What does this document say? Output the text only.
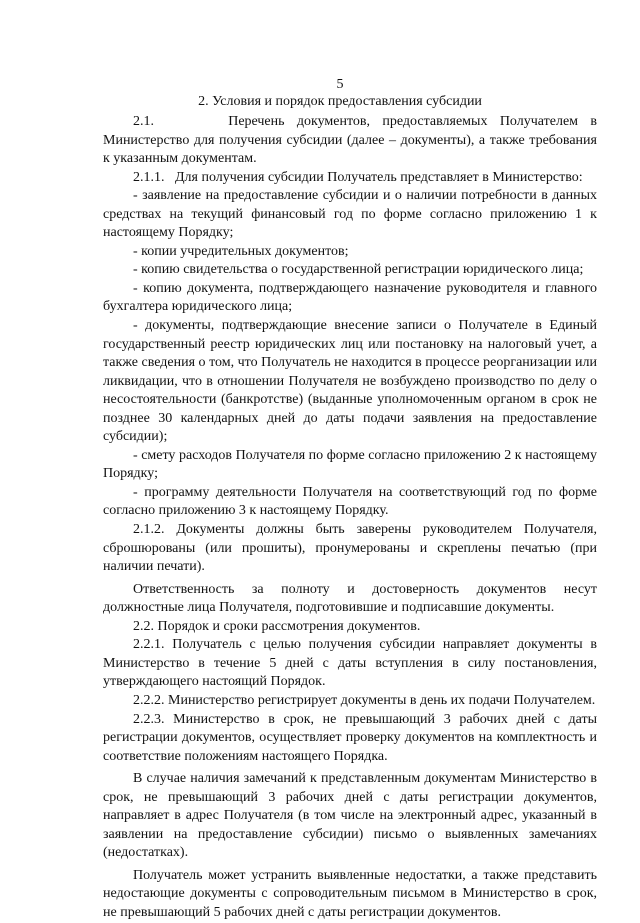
5
2. Условия и порядок предоставления субсидии

2.1.      Перечень документов, предоставляемых Получателем в Министерство для получения субсидии (далее – документы), а также требования к указанным документам.

2.1.1.   Для получения субсидии Получатель представляет в Министерство:

- заявление на предоставление субсидии и о наличии потребности в данных средствах на текущий финансовый год по форме согласно приложению 1 к настоящему Порядку;

- копии учредительных документов;

- копию свидетельства о государственной регистрации юридического лица;

- копию документа, подтверждающего назначение руководителя и главного бухгалтера юридического лица;

- документы, подтверждающие внесение записи о Получателе в Единый государственный реестр юридических лиц или постановку на налоговый учет, а также сведения о том, что Получатель не находится в процессе реорганизации или ликвидации, что в отношении Получателя не возбуждено производство по делу о несостоятельности (банкротстве) (выданные уполномоченным органом в срок не позднее 30 календарных дней до даты подачи заявления на предоставление субсидии);

- смету расходов Получателя по форме согласно приложению 2 к настоящему Порядку;

- программу деятельности Получателя на соответствующий год по форме согласно приложению 3 к настоящему Порядку.

2.1.2. Документы должны быть заверены руководителем Получателя, сброшюрованы (или прошиты), пронумерованы и скреплены печатью (при наличии печати).

Ответственность за полноту и достоверность документов несут должностные лица Получателя, подготовившие и подписавшие документы.

2.2. Порядок и сроки рассмотрения документов.

2.2.1. Получатель с целью получения субсидии направляет документы в Министерство в течение 5 дней с даты вступления в силу постановления, утверждающего настоящий Порядок.

2.2.2. Министерство регистрирует документы в день их подачи Получателем.

2.2.3. Министерство в срок, не превышающий 3 рабочих дней с даты регистрации документов, осуществляет проверку документов на комплектность и соответствие положениям настоящего Порядка.

В случае наличия замечаний к представленным документам Министерство в срок, не превышающий 3 рабочих дней с даты регистрации документов, направляет в адрес Получателя (в том числе на электронный адрес, указанный в заявлении на предоставление субсидии) письмо о выявленных замечаниях (недостатках).

Получатель может устранить выявленные недостатки, а также представить недостающие документы с сопроводительным письмом в Министерство в срок, не превышающий 5 рабочих дней с даты регистрации документов.
